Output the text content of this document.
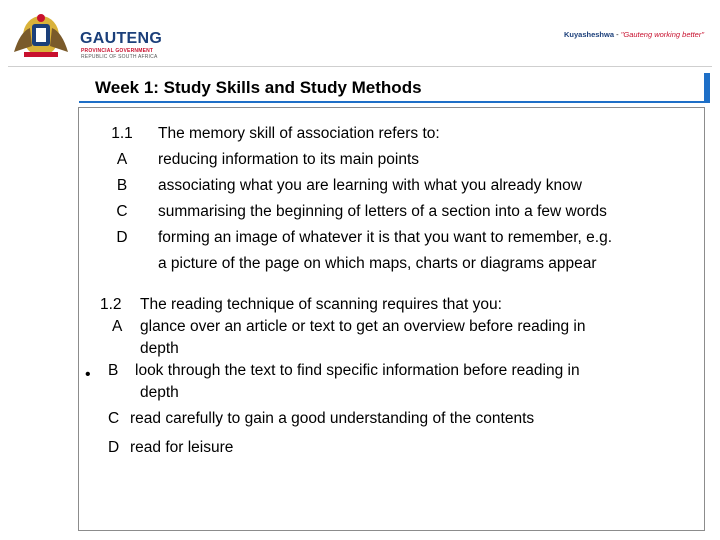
GAUTENG
PROVINCIAL GOVERNMENT
REPUBLIC OF SOUTH AFRICA
Kuyasheshwa - "Gauteng working better"
Week 1: Study Skills and Study Methods
1.1 The memory skill of association refers to:
A	reducing information to its main points
B	associating what you are learning with what you already know
C	summarising the beginning of letters of a section into a few words
D	forming an image of whatever it is that you want to remember, e.g.
a picture of the page on which maps, charts or diagrams appear
1.2 The reading technique of scanning requires that you:
A glance over an article or text to get an overview before reading in
depth
B look through the text to find specific information before reading in
depth
C read carefully to gain a good understanding of the contents
D read for leisure
•
